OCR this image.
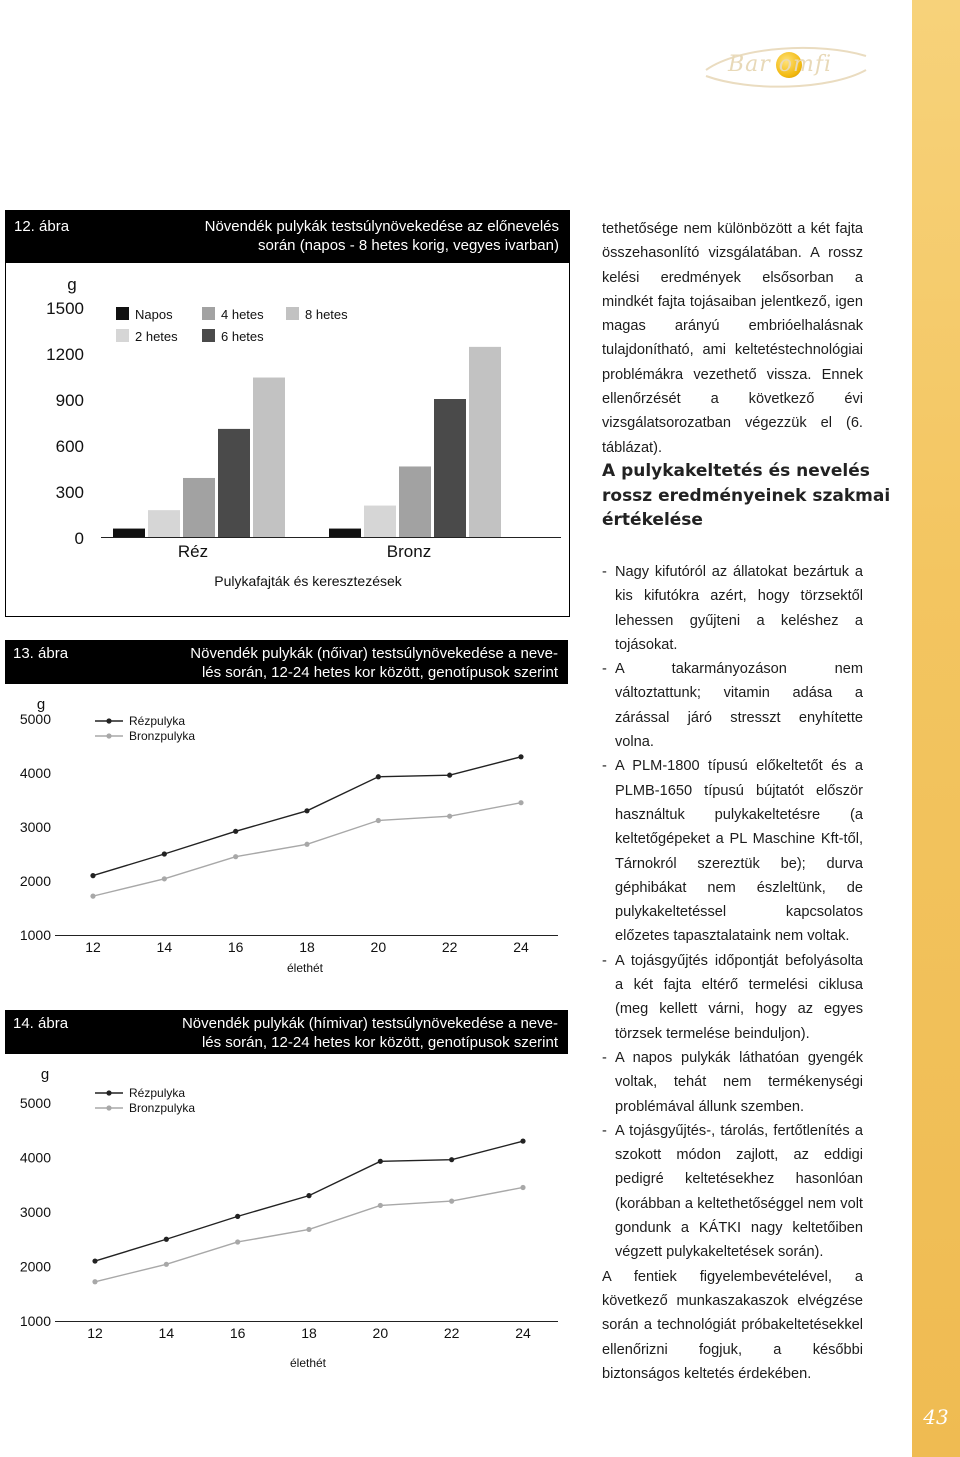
43
Bar omfi
12. ábra	Növendék pulykák testsúlynövekedése az előnevelés
során (napos - 8 hetes korig, vegyes ivarban)
g
Pulykafajták és keresztezések
Napos
2 hetes
4 hetes
6 hetes
8 hetes
0
300
600
900
1200
1500
Réz	Bronz
13. ábra	Növendék pulykák (nőivar) testsúlynövekedése a neve-
lés során, 12-24 hetes kor között, genotípusok szerint
g
élethét
Rézpulyka
Bronzpulyka
1000
2000
3000
4000
5000
12	14	16	18	20	22	24
14. ábra	Növendék pulykák (hímivar) testsúlynövekedése a neve-
lés során, 12-24 hetes kor között, genotípusok szerint
g
élethét
Rézpulyka
Bronzpulyka
1000
2000
3000
4000
5000
12	14	16	18	20	22	24

tethetősége nem különbözött a két fajta összehasonlító vizsgálatában. A rossz kelési eredmények elsősorban a mindkét fajta tojásaiban jelentkező, igen magas arányú embrióelhalásnak tulajdonítható, ami keltetéstechnológiai problémákra vezethető vissza. Ennek ellenőrzését a következő évi vizsgálatsorozatban végezzük el (6. táblázat).

A pulykakeltetés és nevelés rossz eredményeinek szakmai értékelése
- Nagy kifutóról az állatokat bezártuk a kis kifutókra azért, hogy törzsektől lehessen gyűjteni a keléshez a tojásokat.
- A takarmányozáson nem változtattunk; vitamin adása a zárással járó stresszt enyhítette volna.
- A PLM-1800 típusú előkeltetőt és a PLMB-1650 típusú bújtatót először használtuk pulykakeltetésre (a keltetőgépeket a PL Maschine Kft-től, Tárnokról szereztük be); durva géphibákat nem észleltünk, de pulykakeltetéssel kapcsolatos előzetes tapasztalataink nem voltak.
- A tojásgyűjtés időpontját befolyásolta a két fajta eltérő termelési ciklusa (meg kellett várni, hogy az egyes törzsek termelése beinduljon).
- A napos pulykák láthatóan gyengék voltak, tehát nem termékenységi problémával állunk szemben.
- A tojásgyűjtés-, tárolás, fertőtlenítés a szokott módon zajlott, az eddigi pedigré keltetésekhez hasonlóan (korábban a keltethetőséggel nem volt gondunk a KÁTKI nagy keltetőiben végzett pulykakeltetések során).

A fentiek figyelembevételével, a következő munkaszakaszok elvégzése során a technológiát próbakeltetésekkel ellenőrizni fogjuk, a későbbi biztonságos keltetés érdekében.
